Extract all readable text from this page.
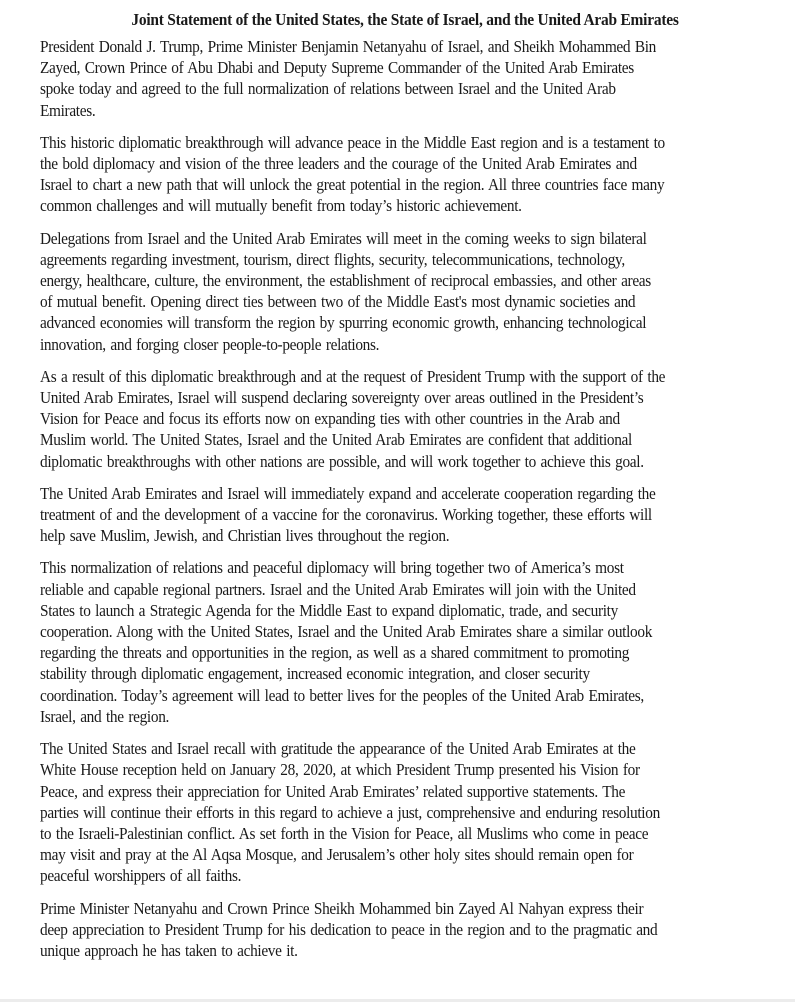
Joint Statement of the United States, the State of Israel, and the United Arab Emirates

President Donald J. Trump, Prime Minister Benjamin Netanyahu of Israel, and Sheikh Mohammed Bin
Zayed, Crown Prince of Abu Dhabi and Deputy Supreme Commander of the United Arab Emirates
spoke today and agreed to the full normalization of relations between Israel and the United Arab
Emirates.

This historic diplomatic breakthrough will advance peace in the Middle East region and is a testament to
the bold diplomacy and vision of the three leaders and the courage of the United Arab Emirates and
Israel to chart a new path that will unlock the great potential in the region. All three countries face many
common challenges and will mutually benefit from today’s historic achievement.

Delegations from Israel and the United Arab Emirates will meet in the coming weeks to sign bilateral
agreements regarding investment, tourism, direct flights, security, telecommunications, technology,
energy, healthcare, culture, the environment, the establishment of reciprocal embassies, and other areas
of mutual benefit. Opening direct ties between two of the Middle East's most dynamic societies and
advanced economies will transform the region by spurring economic growth, enhancing technological
innovation, and forging closer people-to-people relations.

As a result of this diplomatic breakthrough and at the request of President Trump with the support of the
United Arab Emirates, Israel will suspend declaring sovereignty over areas outlined in the President’s
Vision for Peace and focus its efforts now on expanding ties with other countries in the Arab and
Muslim world. The United States, Israel and the United Arab Emirates are confident that additional
diplomatic breakthroughs with other nations are possible, and will work together to achieve this goal.

The United Arab Emirates and Israel will immediately expand and accelerate cooperation regarding the
treatment of and the development of a vaccine for the coronavirus. Working together, these efforts will
help save Muslim, Jewish, and Christian lives throughout the region.

This normalization of relations and peaceful diplomacy will bring together two of America’s most
reliable and capable regional partners. Israel and the United Arab Emirates will join with the United
States to launch a Strategic Agenda for the Middle East to expand diplomatic, trade, and security
cooperation. Along with the United States, Israel and the United Arab Emirates share a similar outlook
regarding the threats and opportunities in the region, as well as a shared commitment to promoting
stability through diplomatic engagement, increased economic integration, and closer security
coordination. Today’s agreement will lead to better lives for the peoples of the United Arab Emirates,
Israel, and the region.

The United States and Israel recall with gratitude the appearance of the United Arab Emirates at the
White House reception held on January 28, 2020, at which President Trump presented his Vision for
Peace, and express their appreciation for United Arab Emirates’ related supportive statements. The
parties will continue their efforts in this regard to achieve a just, comprehensive and enduring resolution
to the Israeli-Palestinian conflict. As set forth in the Vision for Peace, all Muslims who come in peace
may visit and pray at the Al Aqsa Mosque, and Jerusalem’s other holy sites should remain open for
peaceful worshippers of all faiths.

Prime Minister Netanyahu and Crown Prince Sheikh Mohammed bin Zayed Al Nahyan express their
deep appreciation to President Trump for his dedication to peace in the region and to the pragmatic and
unique approach he has taken to achieve it.
